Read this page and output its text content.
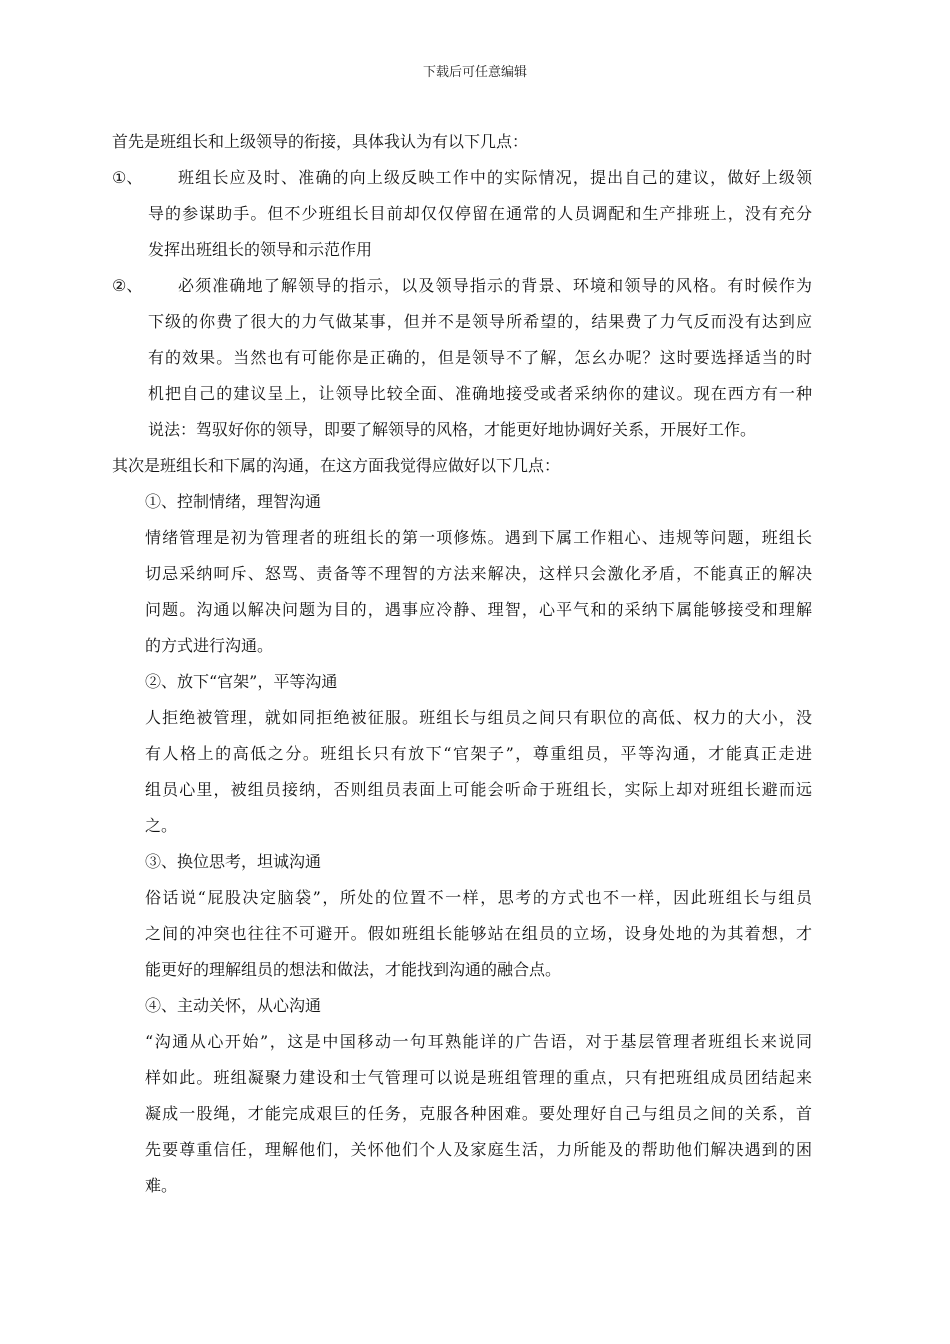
下载后可任意编辑
首先是班组长和上级领导的衔接，具体我认为有以下几点：
①、	班组长应及时、准确的向上级反映工作中的实际情况，提出自己的建议，做好上级领
导的参谋助手。但不少班组长目前却仅仅停留在通常的人员调配和生产排班上，没有充分
发挥出班组长的领导和示范作用
②、	必须准确地了解领导的指示，以及领导指示的背景、环境和领导的风格。有时候作为
下级的你费了很大的力气做某事，但并不是领导所希望的，结果费了力气反而没有达到应
有的效果。当然也有可能你是正确的，但是领导不了解，怎幺办呢？这时要选择适当的时
机把自己的建议呈上，让领导比较全面、准确地接受或者采纳你的建议。现在西方有一种
说法：驾驭好你的领导，即要了解领导的风格，才能更好地协调好关系，开展好工作。
其次是班组长和下属的沟通，在这方面我觉得应做好以下几点：
①、控制情绪，理智沟通
情绪管理是初为管理者的班组长的第一项修炼。遇到下属工作粗心、违规等问题，班组长
切忌采纳呵斥、怒骂、责备等不理智的方法来解决，这样只会激化矛盾，不能真正的解决
问题。沟通以解决问题为目的，遇事应冷静、理智，心平气和的采纳下属能够接受和理解
的方式进行沟通。
②、放下“官架”，平等沟通
人拒绝被管理，就如同拒绝被征服。班组长与组员之间只有职位的高低、权力的大小，没
有人格上的高低之分。班组长只有放下“官架子”，尊重组员，平等沟通，才能真正走进
组员心里，被组员接纳，否则组员表面上可能会听命于班组长，实际上却对班组长避而远
之。
③、换位思考，坦诚沟通
俗话说“屁股决定脑袋”，所处的位置不一样，思考的方式也不一样，因此班组长与组员
之间的冲突也往往不可避开。假如班组长能够站在组员的立场，设身处地的为其着想，才
能更好的理解组员的想法和做法，才能找到沟通的融合点。
④、主动关怀，从心沟通
“沟通从心开始”，这是中国移动一句耳熟能详的广告语，对于基层管理者班组长来说同
样如此。班组凝聚力建设和士气管理可以说是班组管理的重点，只有把班组成员团结起来
凝成一股绳，才能完成艰巨的任务，克服各种困难。要处理好自己与组员之间的关系，首
先要尊重信任，理解他们，关怀他们个人及家庭生活，力所能及的帮助他们解决遇到的困
难。
